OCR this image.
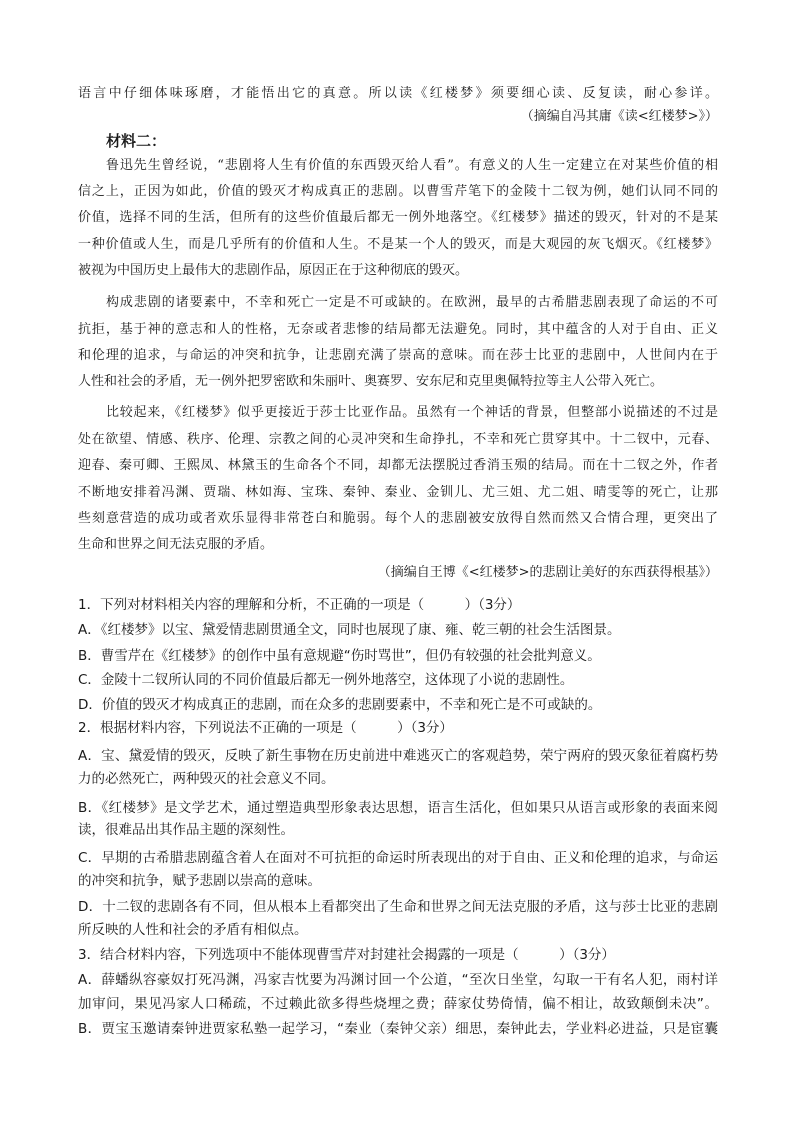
语言中仔细体味琢磨，才能悟出它的真意。所以读《红楼梦》须要细心读、反复读，耐心参详。
（摘编自冯其庸《读<红楼梦>》）
材料二：
鲁迅先生曾经说，“悲剧将人生有价值的东西毁灭给人看”。有意义的人生一定建立在对某些价值的相
信之上，正因为如此，价值的毁灭才构成真正的悲剧。以曹雪芹笔下的金陵十二钗为例，她们认同不同的
价值，选择不同的生活，但所有的这些价值最后都无一例外地落空。《红楼梦》描述的毁灭，针对的不是某
一种价值或人生，而是几乎所有的价值和人生。不是某一个人的毁灭，而是大观园的灰飞烟灭。《红楼梦》
被视为中国历史上最伟大的悲剧作品，原因正在于这种彻底的毁灭。
构成悲剧的诸要素中，不幸和死亡一定是不可或缺的。在欧洲，最早的古希腊悲剧表现了命运的不可
抗拒，基于神的意志和人的性格，无奈或者悲惨的结局都无法避免。同时，其中蕴含的人对于自由、正义
和伦理的追求，与命运的冲突和抗争，让悲剧充满了崇高的意味。而在莎士比亚的悲剧中，人世间内在于
人性和社会的矛盾，无一例外把罗密欧和朱丽叶、奥赛罗、安东尼和克里奥佩特拉等主人公带入死亡。
比较起来，《红楼梦》似乎更接近于莎士比亚作品。虽然有一个神话的背景，但整部小说描述的不过是
处在欲望、情感、秩序、伦理、宗教之间的心灵冲突和生命挣扎，不幸和死亡贯穿其中。十二钗中，元春、
迎春、秦可卿、王熙凤、林黛玉的生命各个不同，却都无法摆脱过香消玉殒的结局。而在十二钗之外，作者
不断地安排着冯渊、贾瑞、林如海、宝珠、秦钟、秦业、金钏儿、尤三姐、尤二姐、晴雯等的死亡，让那
些刻意营造的成功或者欢乐显得非常苍白和脆弱。每个人的悲剧被安放得自然而然又合情合理，更突出了
生命和世界之间无法克服的矛盾。
（摘编自王博《<红楼梦>的悲剧让美好的东西获得根基》）
1．下列对材料相关内容的理解和分析，不正确的一项是（　　　）（3分）
A．《红楼梦》以宝、黛爱情悲剧贯通全文，同时也展现了康、雍、乾三朝的社会生活图景。
B．曹雪芹在《红楼梦》的创作中虽有意规避“伤时骂世”，但仍有较强的社会批判意义。
C．金陵十二钗所认同的不同价值最后都无一例外地落空，这体现了小说的悲剧性。
D．价值的毁灭才构成真正的悲剧，而在众多的悲剧要素中，不幸和死亡是不可或缺的。
2．根据材料内容，下列说法不正确的一项是（　　　）（3分）
A．宝、黛爱情的毁灭，反映了新生事物在历史前进中难逃灭亡的客观趋势，荣宁两府的毁灭象征着腐朽势
力的必然死亡，两种毁灭的社会意义不同。
B．《红楼梦》是文学艺术，通过塑造典型形象表达思想，语言生活化，但如果只从语言或形象的表面来阅
读，很难品出其作品主题的深刻性。
C．早期的古希腊悲剧蕴含着人在面对不可抗拒的命运时所表现出的对于自由、正义和伦理的追求，与命运
的冲突和抗争，赋予悲剧以崇高的意味。
D．十二钗的悲剧各有不同，但从根本上看都突出了生命和世界之间无法克服的矛盾，这与莎士比亚的悲剧
所反映的人性和社会的矛盾有相似点。
3．结合材料内容，下列选项中不能体现曹雪芹对封建社会揭露的一项是（　　　）（3分）
A．薛蟠纵容豪奴打死冯渊，冯家吉忱要为冯渊讨回一个公道，“至次日坐堂，勾取一干有名人犯，雨村详
加审问，果见冯家人口稀疏，不过赖此欲多得些烧埋之费；薛家仗势倚情，偏不相让，故致颠倒未决”。
B．贾宝玉邀请秦钟进贾家私塾一起学习，“秦业（秦钟父亲）细思，秦钟此去，学业料必进益，只是宦囊
